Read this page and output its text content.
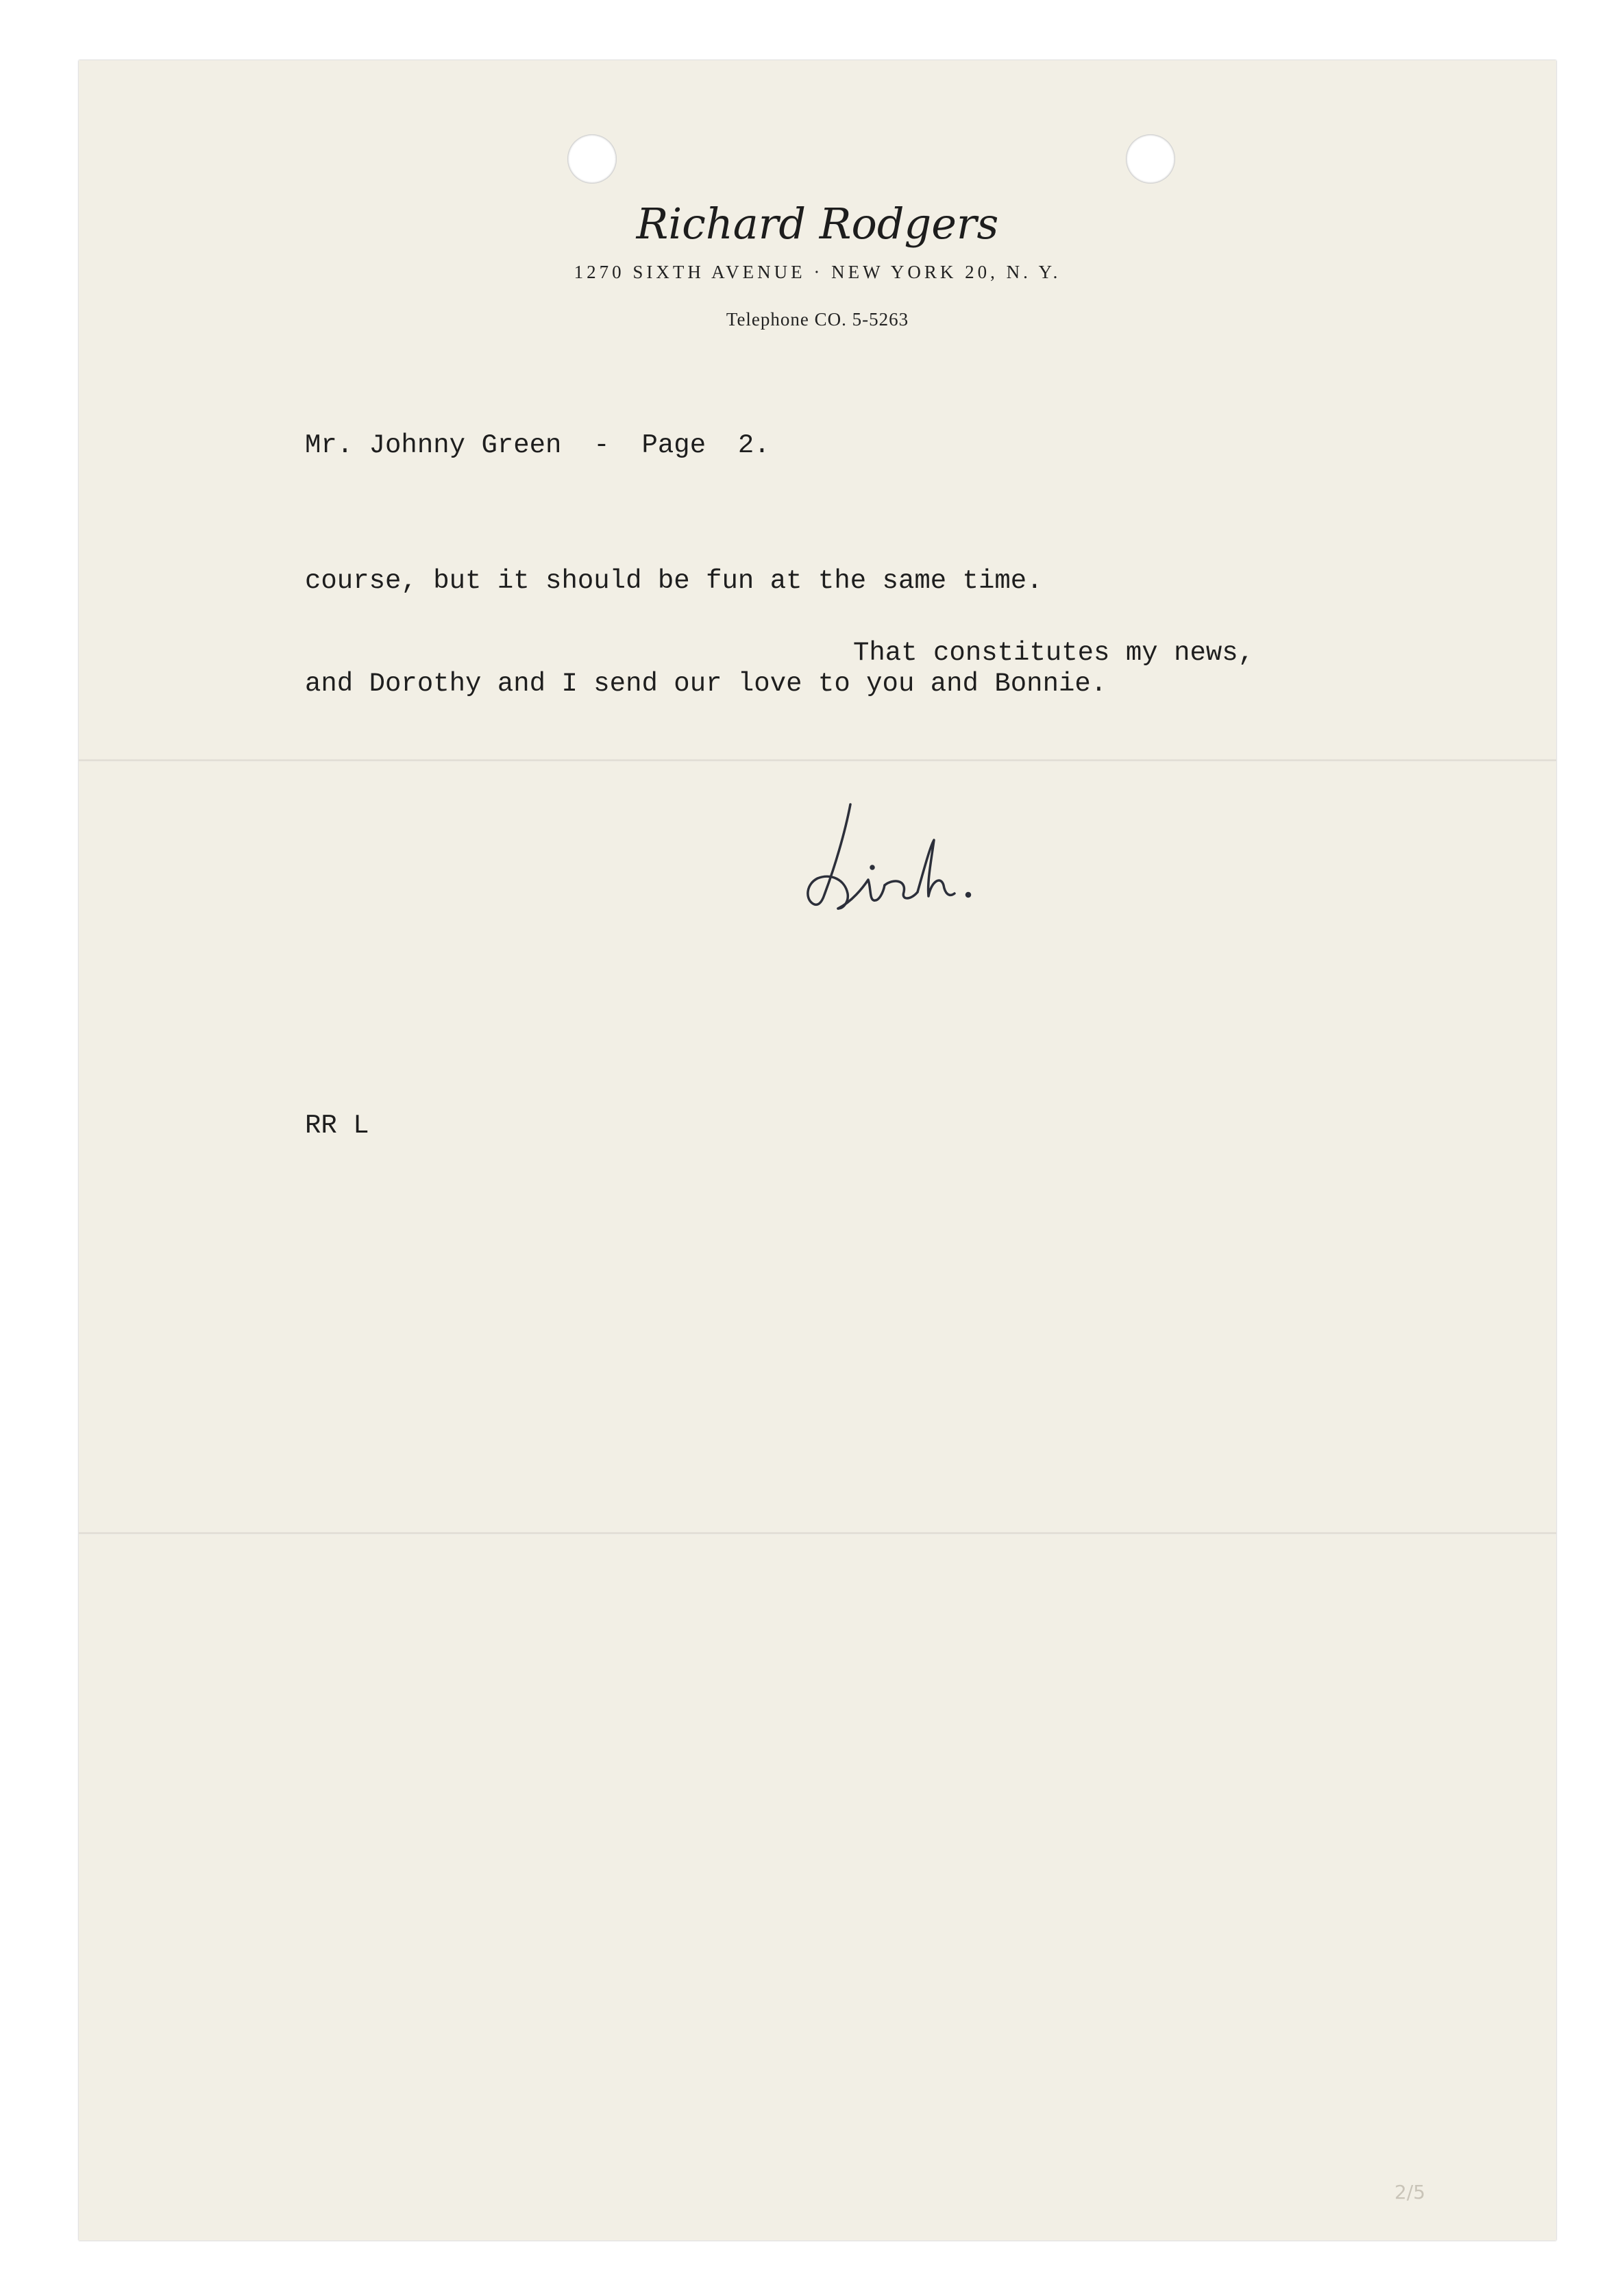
Richard Rodgers
1270 SIXTH AVENUE · NEW YORK 20, N. Y.
Telephone CO. 5-5263
Mr. Johnny Green  -  Page  2.
course, but it should be fun at the same time.
That constitutes my news,
and Dorothy and I send our love to you and Bonnie.
RR L
2/5
